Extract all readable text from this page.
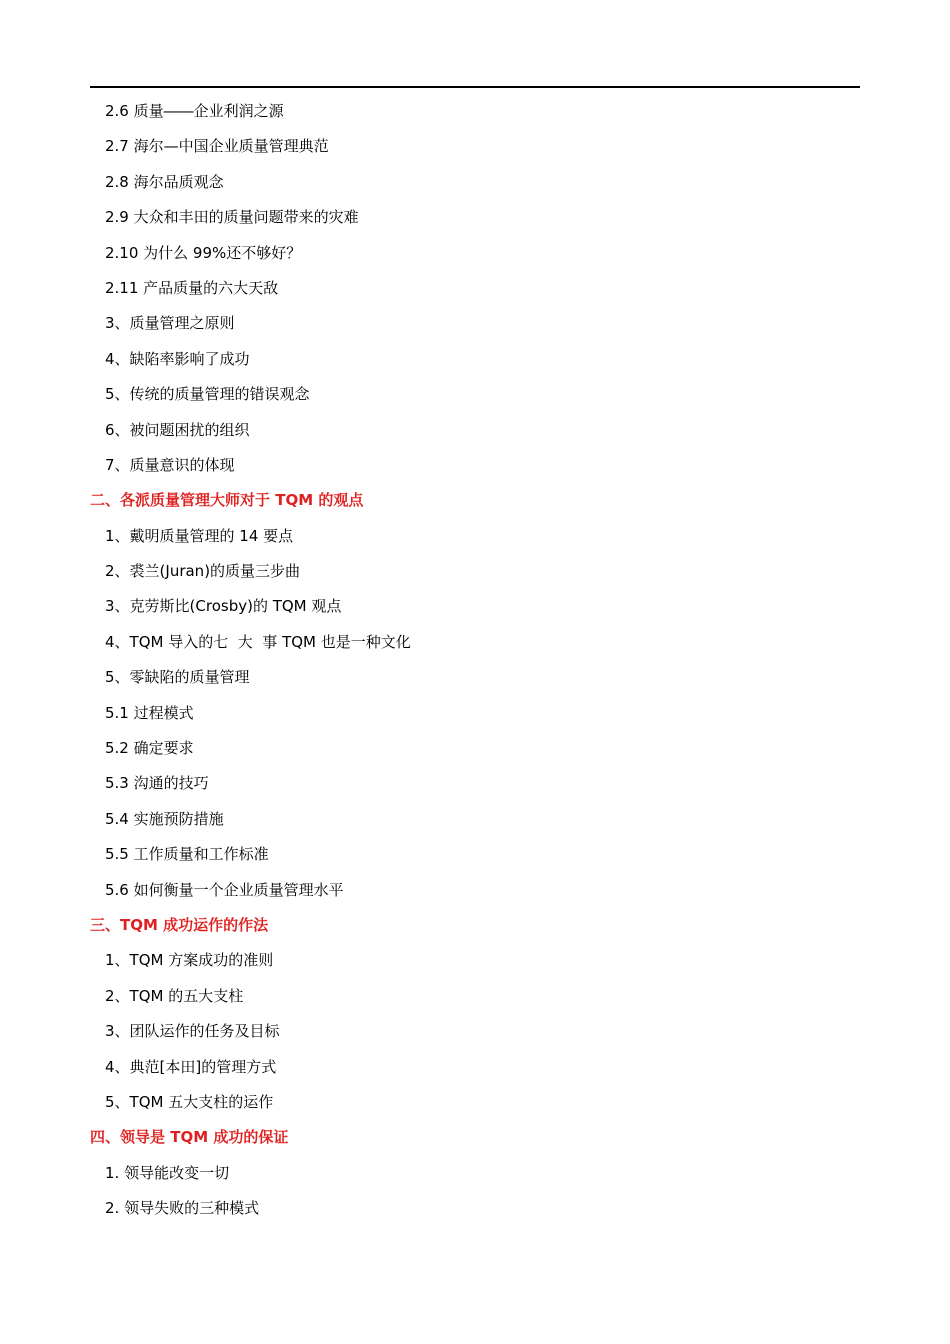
2.6 质量――企业利润之源
2.7 海尔—中国企业质量管理典范
2.8 海尔品质观念
2.9 大众和丰田的质量问题带来的灾难
2.10 为什么 99%还不够好？
2.11 产品质量的六大天敌
3、质量管理之原则
4、缺陷率影响了成功
5、传统的质量管理的错误观念
6、被问题困扰的组织
7、质量意识的体现
二、各派质量管理大师对于 TQM 的观点
1、戴明质量管理的 14 要点
2、裘兰(Juran)的质量三步曲
3、克劳斯比(Crosby)的 TQM 观点
4、TQM 导入的七  大  事 TQM 也是一种文化
5、零缺陷的质量管理
5.1 过程模式
5.2 确定要求
5.3 沟通的技巧
5.4 实施预防措施
5.5 工作质量和工作标准
5.6 如何衡量一个企业质量管理水平
三、TQM 成功运作的作法
1、TQM 方案成功的准则
2、TQM 的五大支柱
3、团队运作的任务及目标
4、典范[本田]的管理方式
5、TQM 五大支柱的运作
四、领导是 TQM 成功的保证
1. 领导能改变一切
2. 领导失败的三种模式
